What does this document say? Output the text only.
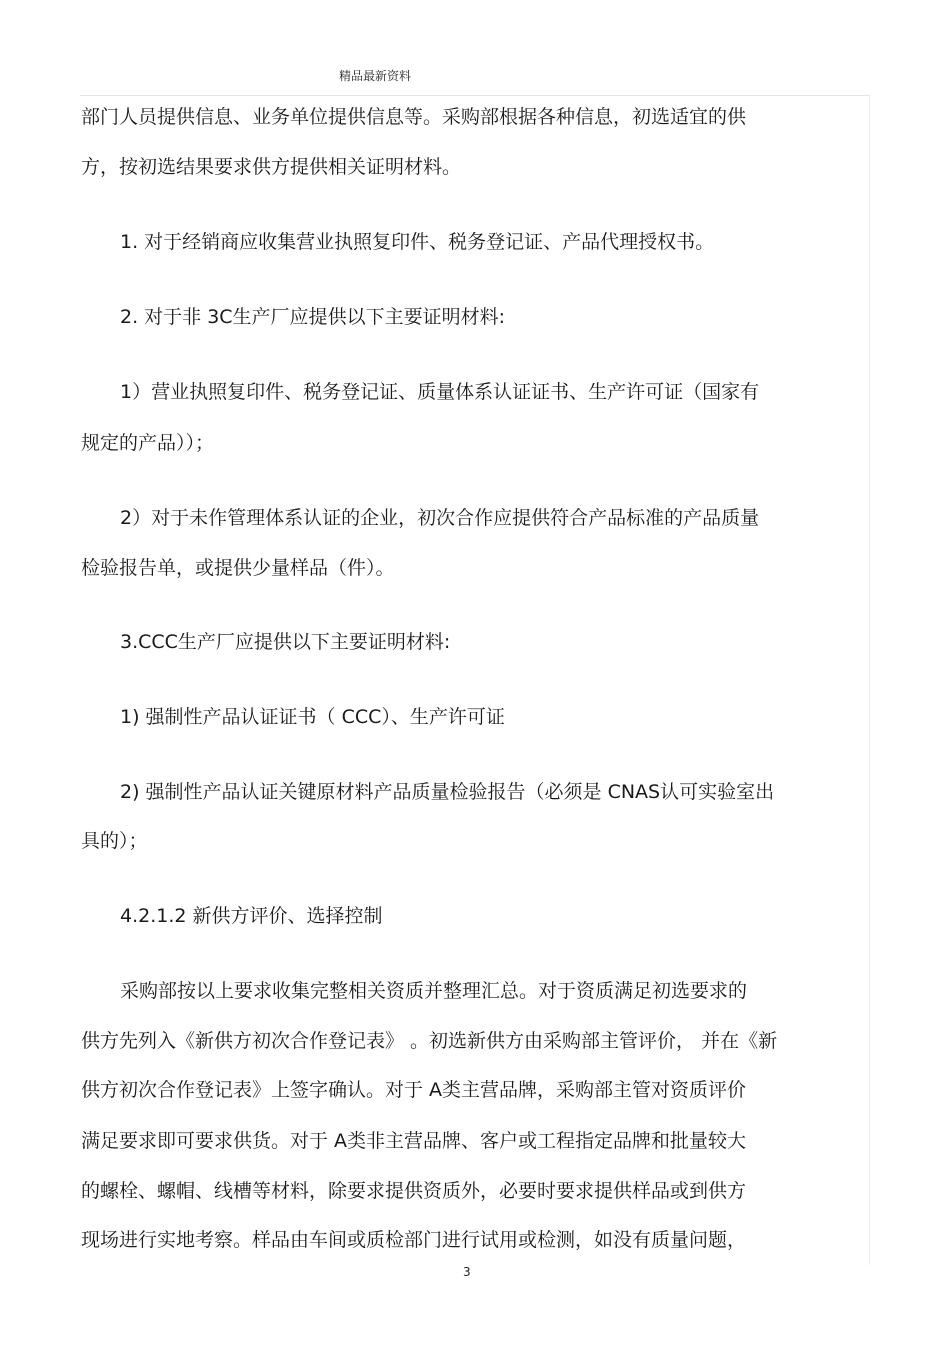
精品最新资料
部门人员提供信息、业务单位提供信息等。采购部根据各种信息，初选适宜的供
方，按初选结果要求供方提供相关证明材料。
1. 对于经销商应收集营业执照复印件、税务登记证、产品代理授权书。
2. 对于非 3C生产厂应提供以下主要证明材料:
1）营业执照复印件、税务登记证、质量体系认证证书、生产许可证（国家有
规定的产品））；
2）对于未作管理体系认证的企业，初次合作应提供符合产品标准的产品质量
检验报告单，或提供少量样品（件）。
3.CCC生产厂应提供以下主要证明材料:
1) 强制性产品认证证书（ CCC）、生产许可证
2) 强制性产品认证关键原材料产品质量检验报告（必须是 CNAS认可实验室出
具的）；
4.2.1.2 新供方评价、选择控制
采购部按以上要求收集完整相关资质并整理汇总。对于资质满足初选要求的
供方先列入《新供方初次合作登记表》 。初选新供方由采购部主管评价， 并在《新
供方初次合作登记表》上签字确认。对于 A类主营品牌，采购部主管对资质评价
满足要求即可要求供货。对于 A类非主营品牌、客户或工程指定品牌和批量较大
的螺栓、螺帽、线槽等材料，除要求提供资质外，必要时要求提供样品或到供方
现场进行实地考察。样品由车间或质检部门进行试用或检测，如没有质量问题，
3
